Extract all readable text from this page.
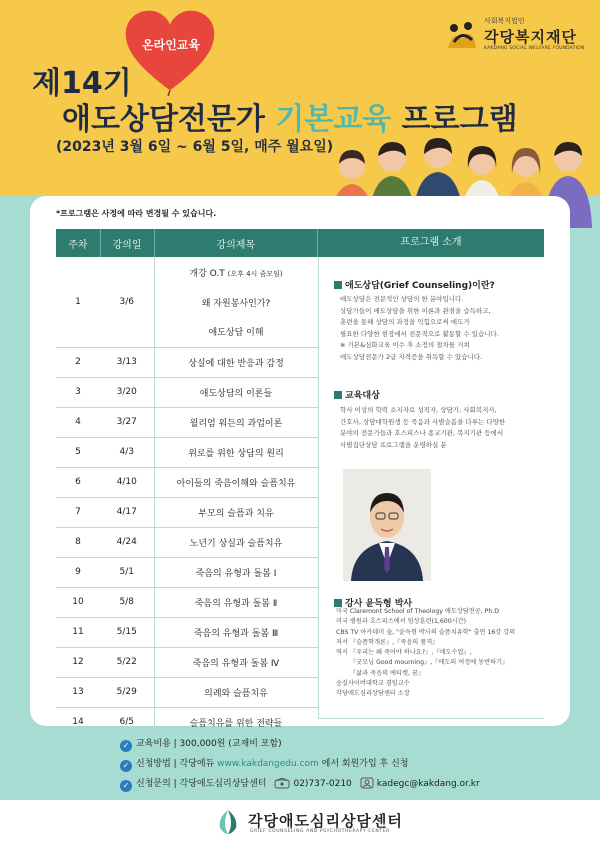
온라인교육
사회복지법인
각당복지재단
KAKDANG SOCIAL WELFARE FOUNDATION
제14기
애도상담전문가 기본교육 프로그램
(2023년 3월 6일 ~ 6월 5일, 매주 월요일)
*프로그램은 사정에 따라 변경될 수 있습니다.
주차	강의일	강의제목
1	3/6	개강 O.T (오후 4시 줌모임)
		왜 자원봉사인가?
		애도상담 이해
2	3/13	상실에 대한 반응과 감정
3	3/20	애도상담의 이론들
4	3/27	윌리엄 워든의 과업이론
5	4/3	위로를 위한 상담의 원리
6	4/10	아이들의 죽음이해와 슬픔치유
7	4/17	부모의 슬픔과 치유
8	4/24	노년기 상실과 슬픔치유
9	5/1	죽음의 유형과 돌봄 Ⅰ
10	5/8	죽음의 유형과 돌봄 Ⅱ
11	5/15	죽음의 유형과 돌봄 Ⅲ
12	5/22	죽음의 유형과 돌봄 Ⅳ
13	5/29	의례와 슬픔치유
14	6/5	슬픔치유를 위한 전략들
프로그램 소개
애도상담(Grief Counseling)이란?
애도상담은 전문적인 상담의 한 분야입니다.
상담가들이 애도상담을 위한 이론과 관점을 습득하고,
훈련을 통해 상담의 과정을 익힘으로써 애도가
필요한 다양한 현장에서 전문적으로 활동할 수 있습니다.
※ 기본&심화교육 이수 후 소정의 절차를 거쳐
애도상담전문가 2급 자격증을 취득할 수 있습니다.
교육대상
학사 이상의 학력 소지자로 성직자, 상담가, 사회복지사,
간호사, 상담대학원생 등 죽음과 사별슬픔을 다루는 다양한
분야의 전문가들과 호스피스나 종교기관, 복지기관 등에서
사별집단상담 프로그램을 운영하실 분
강사 윤득형 박사
미국 Claremont School of Theology 애도상담전공, Ph.D
미국 병원과 호스피스에서 임상훈련(1,600시간)
CBS TV 아카데미 숲, "윤득형 박사의 슬픔치유학" 출연 16강 강의
저서 『슬픔학개론』,『죽음의 품격』
역서 『우리는 왜 죽어야 하나요?』,『애도수업』,
『굿모닝 Good mourning』,『애도의 여정에 동반하기』
『삶과 죽음의 에티켓, 꿈』
숭실사이버대학교 겸임교수
각당애도심리상담센터 소장
✓ 교육비용 | 300,000원 (교재비 포함)
✓ 신청방법 | 각당에듀 www.kakdangedu.com 에서 회원가입 후 신청
✓ 신청문의 | 각당애도심리상담센터	02)737-0210	kadegc@kakdang.or.kr
각당애도심리상담센터
GRIEF COUNSELING AND PSYCHOTHERAPY CENTER
